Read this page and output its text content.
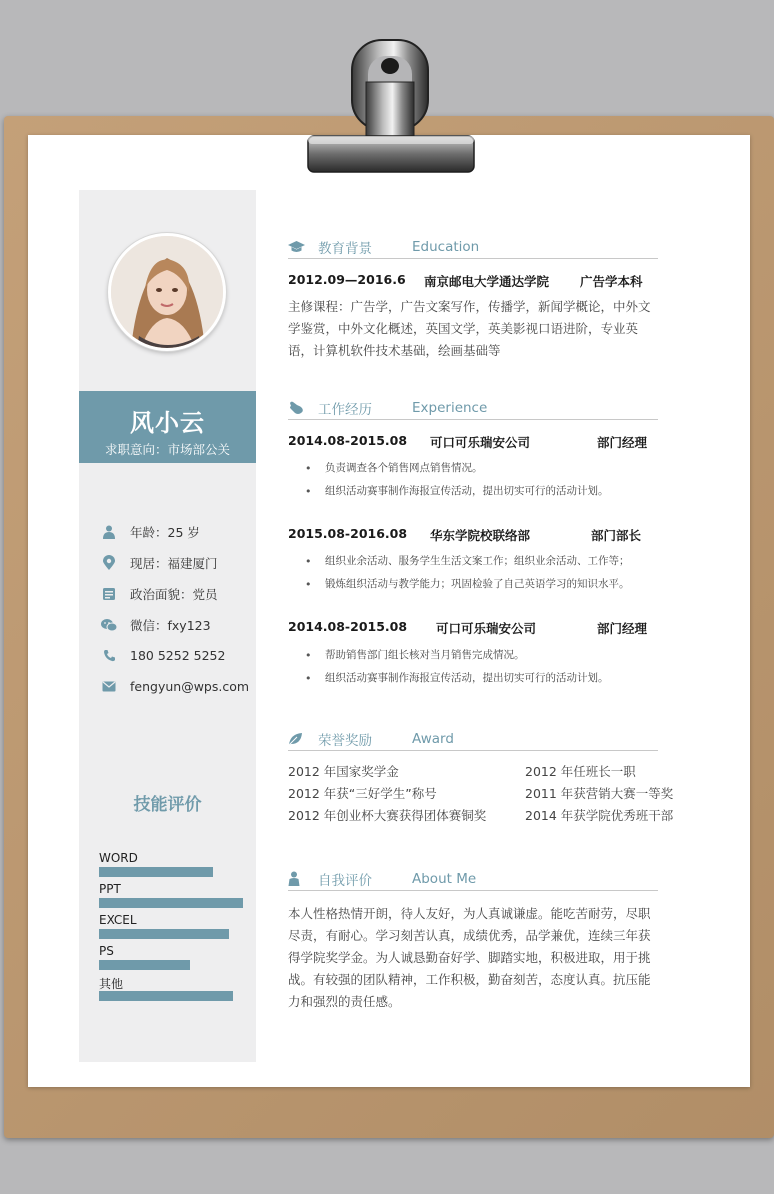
风小云
求职意向：市场部公关
年龄：25 岁
现居：福建厦门
政治面貌：党员
微信：fxy123
180 5252 5252
fengyun@wps.com
技能评价
WORD
PPT
EXCEL
PS
其他
教育背景	Education
2012.09—2016.6 南京邮电大学通达学院 广告学本科
主修课程：广告学，广告文案写作，传播学，新闻学概论，中外文学鉴赏，中外文化概述，英国文学，英美影视口语进阶，专业英语，计算机软件技术基础，绘画基础等
工作经历	Experience
2014.08-2015.08 可口可乐瑞安公司	部门经理
• 负责调查各个销售网点销售情况。
• 组织活动赛事制作海报宣传活动，提出切实可行的活动计划。
2015.08-2016.08 华东学院校联络部	部门部长
• 组织业余活动、服务学生生活文案工作；组织业余活动、工作等；
• 锻炼组织活动与教学能力；巩固检验了自己英语学习的知识水平。
2014.08-2015.08 可口可乐瑞安公司	部门经理
• 帮助销售部门组长核对当月销售完成情况。
• 组织活动赛事制作海报宣传活动，提出切实可行的活动计划。
荣誉奖励	Award
2012 年国家奖学金	2012 年任班长一职
2012 年获“三好学生”称号	2011 年获营销大赛一等奖
2012 年创业杯大赛获得团体赛铜奖	2014 年获学院优秀班干部
自我评价	About Me
本人性格热情开朗，待人友好，为人真诚谦虚。能吃苦耐劳，尽职尽责，有耐心。学习刻苦认真，成绩优秀，品学兼优，连续三年获得学院奖学金。为人诚恳勤奋好学、脚踏实地，积极进取，用于挑战。有较强的团队精神，工作积极，勤奋刻苦，态度认真。抗压能力和强烈的责任感。
